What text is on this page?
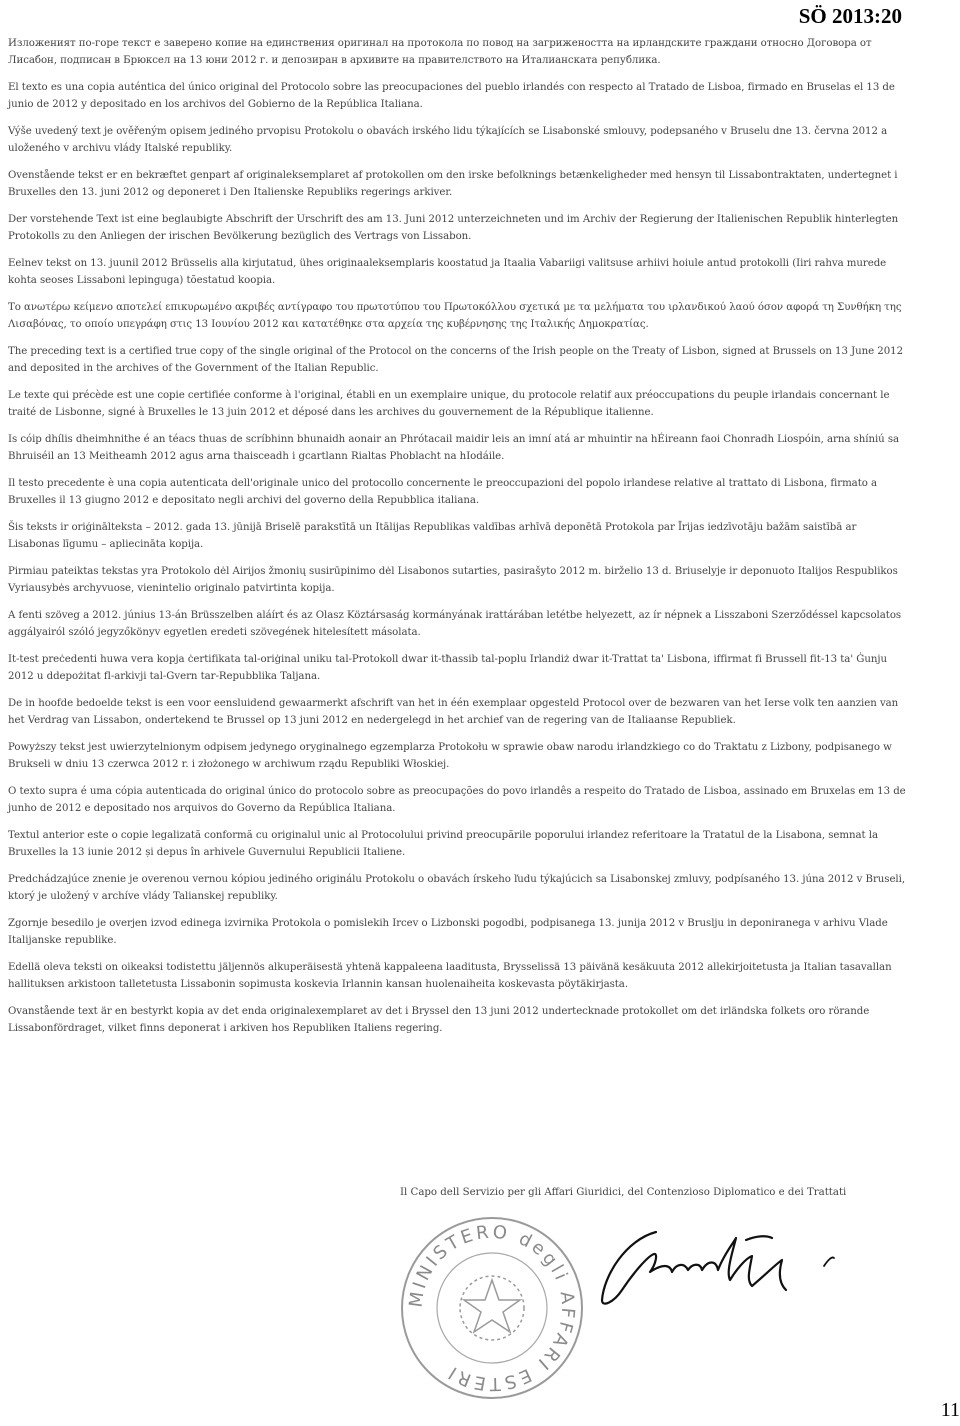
SÖ 2013:20

Изложеният по-горе текст е заверено копие на единствения оригинал на протокола по повод на загрижеността на ирландските граждани относно Договора от Лисабон, подписан в Брюксел на 13 юни 2012 г. и депозиран в архивите на правителството на Италианската република.

El texto es una copia auténtica del único original del Protocolo sobre las preocupaciones del pueblo irlandés con respecto al Tratado de Lisboa, firmado en Bruselas el 13 de junio de 2012 y depositado en los archivos del Gobierno de la República Italiana.

Výše uvedený text je ověřeným opisem jediného prvopisu Protokolu o obavách irského lidu týkajících se Lisabonské smlouvy, podepsaného v Bruselu dne 13. června 2012 a uloženého v archivu vlády Italské republiky.

Ovenstående tekst er en bekræftet genpart af originaleksemplaret af protokollen om den irske befolknings betænkeligheder med hensyn til Lissabontraktaten, undertegnet i Bruxelles den 13. juni 2012 og deponeret i Den Italienske Republiks regerings arkiver.

Der vorstehende Text ist eine beglaubigte Abschrift der Urschrift des am 13. Juni 2012 unterzeichneten und im Archiv der Regierung der Italienischen Republik hinterlegten Protokolls zu den Anliegen der irischen Bevölkerung bezüglich des Vertrags von Lissabon.

Eelnev tekst on 13. juunil 2012 Brüsselis alla kirjutatud, ühes originaaleksemplaris koostatud ja Itaalia Vabariigi valitsuse arhiivi hoiule antud protokolli (Iiri rahva murede kohta seoses Lissaboni lepinguga) tõestatud koopia.

Το ανωτέρω κείμενο αποτελεί επικυρωμένο ακριβές αντίγραφο του πρωτοτύπου του Πρωτοκόλλου σχετικά με τα μελήματα του ιρλανδικού λαού όσον αφορά τη Συνθήκη της Λισαβόνας, το οποίο υπεγράφη στις 13 Ιουνίου 2012 και κατατέθηκε στα αρχεία της κυβέρνησης της Ιταλικής Δημοκρατίας.

The preceding text is a certified true copy of the single original of the Protocol on the concerns of the Irish people on the Treaty of Lisbon, signed at Brussels on 13 June 2012 and deposited in the archives of the Government of the Italian Republic.

Le texte qui précède est une copie certifiée conforme à l'original, établi en un exemplaire unique, du protocole relatif aux préoccupations du peuple irlandais concernant le traité de Lisbonne, signé à Bruxelles le 13 juin 2012 et déposé dans les archives du gouvernement de la République italienne.

Is cóip dhílis dheimhnithe é an téacs thuas de scríbhinn bhunaidh aonair an Phrótacail maidir leis an imní atá ar mhuintir na hÉireann faoi Chonradh Liospóin, arna shíniú sa Bhruiséil an 13 Meitheamh 2012 agus arna thaisceadh i gcartlann Rialtas Phoblacht na hIodáile.

Il testo precedente è una copia autenticata dell'originale unico del protocollo concernente le preoccupazioni del popolo irlandese relative al trattato di Lisbona, firmato a Bruxelles il 13 giugno 2012 e depositato negli archivi del governo della Repubblica italiana.

Šis teksts ir oriģinālteksta – 2012. gada 13. jūnijā Briselē parakstītā un Itālijas Republikas valdības arhīvā deponētā Protokola par Īrijas iedzīvotāju bažām saistībā ar Lisabonas līgumu – apliecināta kopija.

Pirmiau pateiktas tekstas yra Protokolo dėl Airijos žmonių susirūpinimo dėl Lisabonos sutarties, pasirašyto 2012 m. birželio 13 d. Briuselyje ir deponuoto Italijos Respublikos Vyriausybės archyvuose, vienintelio originalo patvirtinta kopija.

A fenti szöveg a 2012. június 13-án Brüsszelben aláírt és az Olasz Köztársaság kormányának irattárában letétbe helyezett, az ír népnek a Lisszaboni Szerződéssel kapcsolatos aggályairól szóló jegyzőkönyv egyetlen eredeti szövegének hitelesített másolata.

It-test preċedenti huwa vera kopja ċertifikata tal-oriġinal uniku tal-Protokoll dwar it-tħassib tal-poplu Irlandiż dwar it-Trattat ta' Lisbona, iffirmat fi Brussell fit-13 ta' Ġunju 2012 u ddepożitat fl-arkivji tal-Gvern tar-Repubblika Taljana.

De in hoofde bedoelde tekst is een voor eensluidend gewaarmerkt afschrift van het in één exemplaar opgesteld Protocol over de bezwaren van het Ierse volk ten aanzien van het Verdrag van Lissabon, ondertekend te Brussel op 13 juni 2012 en nedergelegd in het archief van de regering van de Italiaanse Republiek.

Powyższy tekst jest uwierzytelnionym odpisem jedynego oryginalnego egzemplarza Protokołu w sprawie obaw narodu irlandzkiego co do Traktatu z Lizbony, podpisanego w Brukseli w dniu 13 czerwca 2012 r. i złożonego w archiwum rządu Republiki Włoskiej.

O texto supra é uma cópia autenticada do original único do protocolo sobre as preocupações do povo irlandês a respeito do Tratado de Lisboa, assinado em Bruxelas em 13 de junho de 2012 e depositado nos arquivos do Governo da República Italiana.

Textul anterior este o copie legalizată conformă cu originalul unic al Protocolului privind preocupările poporului irlandez referitoare la Tratatul de la Lisabona, semnat la Bruxelles la 13 iunie 2012 și depus în arhivele Guvernului Republicii Italiene.

Predchádzajúce znenie je overenou vernou kópiou jediného originálu Protokolu o obavách írskeho ľudu týkajúcich sa Lisabonskej zmluvy, podpísaného 13. júna 2012 v Bruseli, ktorý je uložený v archíve vlády Talianskej republiky.

Zgornje besedilo je overjen izvod edinega izvirnika Protokola o pomislekih Ircev o Lizbonski pogodbi, podpisanega 13. junija 2012 v Bruslju in deponiranega v arhivu Vlade Italijanske republike.

Edellä oleva teksti on oikeaksi todistettu jäljennös alkuperäisestä yhtenä kappaleena laaditusta, Brysselissä 13 päivänä kesäkuuta 2012 allekirjoitetusta ja Italian tasavallan hallituksen arkistoon talletetusta Lissabonin sopimusta koskevia Irlannin kansan huolenaiheita koskevasta pöytäkirjasta.

Ovanstående text är en bestyrkt kopia av det enda originalexemplaret av det i Bryssel den 13 juni 2012 undertecknade protokollet om det irländska folkets oro rörande Lissabonfördraget, vilket finns deponerat i arkiven hos Republiken Italiens regering.

Il Capo dell Servizio per gli Affari Giuridici, del Contenzioso Diplomatico e dei Trattati
MINISTERO degli AFFARI ESTERI
11
